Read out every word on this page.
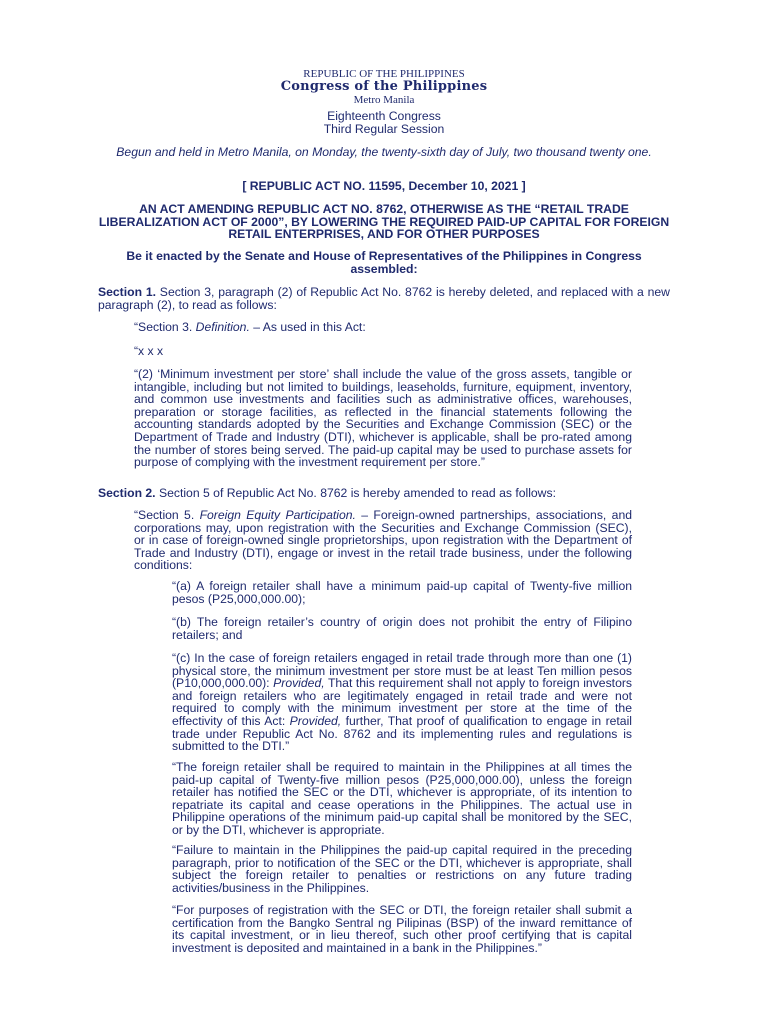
REPUBLIC OF THE PHILIPPINES
Congress of the Philippines
Metro Manila
Eighteenth Congress
Third Regular Session
Begun and held in Metro Manila, on Monday, the twenty-sixth day of July, two thousand twenty one.
[ REPUBLIC ACT NO. 11595, December 10, 2021 ]
AN ACT AMENDING REPUBLIC ACT NO. 8762, OTHERWISE AS THE “RETAIL TRADE LIBERALIZATION ACT OF 2000”, BY LOWERING THE REQUIRED PAID-UP CAPITAL FOR FOREIGN RETAIL ENTERPRISES, AND FOR OTHER PURPOSES
Be it enacted by the Senate and House of Representatives of the Philippines in Congress assembled:
Section 1. Section 3, paragraph (2) of Republic Act No. 8762 is hereby deleted, and replaced with a new paragraph (2), to read as follows:
“Section 3. Definition. – As used in this Act:
“x x x
“(2) ‘Minimum investment per store’ shall include the value of the gross assets, tangible or intangible, including but not limited to buildings, leaseholds, furniture, equipment, inventory, and common use investments and facilities such as administrative offices, warehouses, preparation or storage facilities, as reflected in the financial statements following the accounting standards adopted by the Securities and Exchange Commission (SEC) or the Department of Trade and Industry (DTI), whichever is applicable, shall be pro-rated among the number of stores being served. The paid-up capital may be used to purchase assets for purpose of complying with the investment requirement per store.”
Section 2. Section 5 of Republic Act No. 8762 is hereby amended to read as follows:
“Section 5. Foreign Equity Participation. – Foreign-owned partnerships, associations, and corporations may, upon registration with the Securities and Exchange Commission (SEC), or in case of foreign-owned single proprietorships, upon registration with the Department of Trade and Industry (DTI), engage or invest in the retail trade business, under the following conditions:
“(a) A foreign retailer shall have a minimum paid-up capital of Twenty-five million pesos (P25,000,000.00);
“(b) The foreign retailer’s country of origin does not prohibit the entry of Filipino retailers; and
“(c) In the case of foreign retailers engaged in retail trade through more than one (1) physical store, the minimum investment per store must be at least Ten million pesos (P10,000,000.00): Provided, That this requirement shall not apply to foreign investors and foreign retailers who are legitimately engaged in retail trade and were not required to comply with the minimum investment per store at the time of the effectivity of this Act: Provided, further, That proof of qualification to engage in retail trade under Republic Act No. 8762 and its implementing rules and regulations is submitted to the DTI.”
“The foreign retailer shall be required to maintain in the Philippines at all times the paid-up capital of Twenty-five million pesos (P25,000,000.00), unless the foreign retailer has notified the SEC or the DTI, whichever is appropriate, of its intention to repatriate its capital and cease operations in the Philippines. The actual use in Philippine operations of the minimum paid-up capital shall be monitored by the SEC, or by the DTI, whichever is appropriate.
“Failure to maintain in the Philippines the paid-up capital required in the preceding paragraph, prior to notification of the SEC or the DTI, whichever is appropriate, shall subject the foreign retailer to penalties or restrictions on any future trading activities/business in the Philippines.
“For purposes of registration with the SEC or DTI, the foreign retailer shall submit a certification from the Bangko Sentral ng Pilipinas (BSP) of the inward remittance of its capital investment, or in lieu thereof, such other proof certifying that is capital investment is deposited and maintained in a bank in the Philippines.”
